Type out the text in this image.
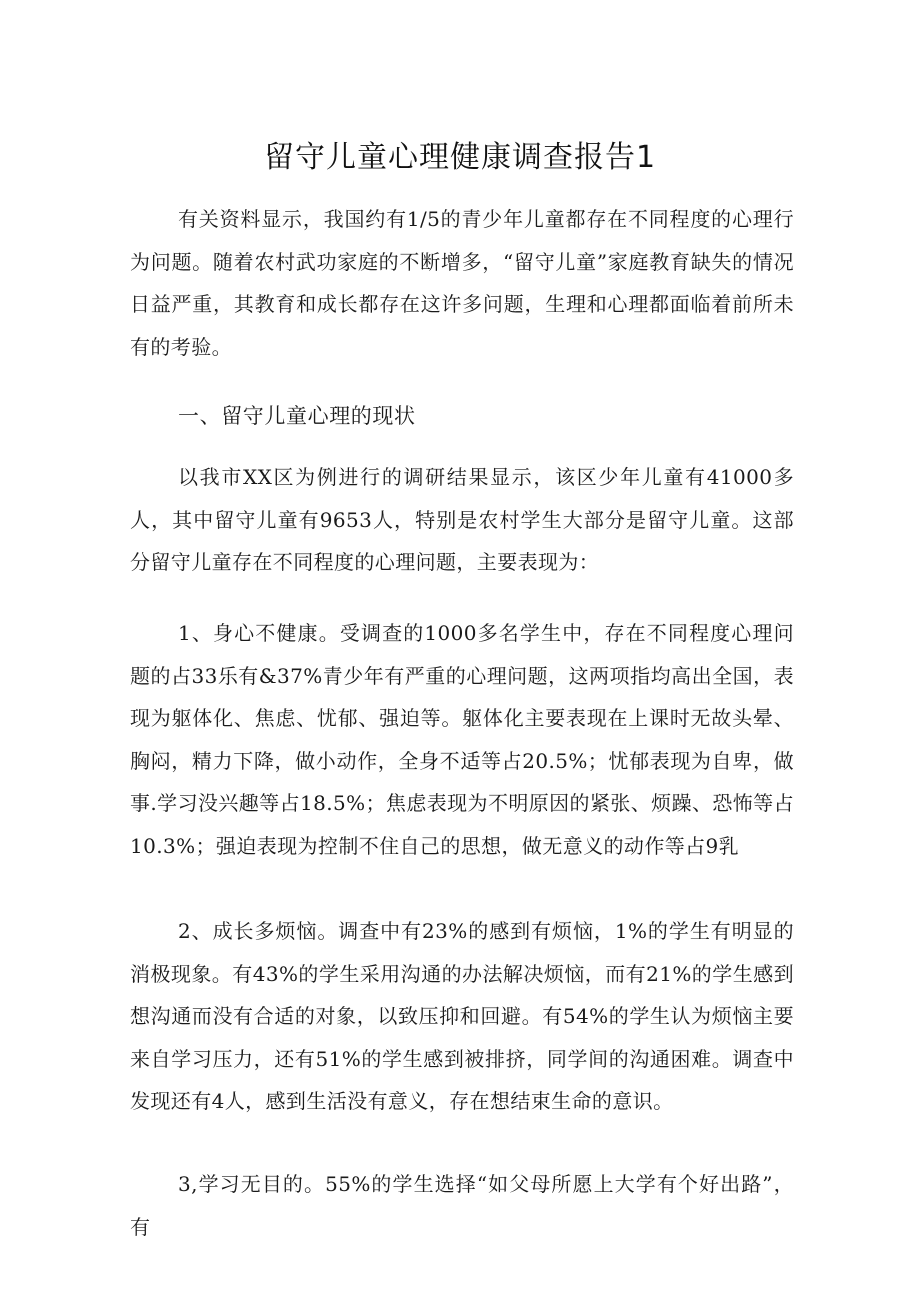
留守儿童心理健康调查报告1

有关资料显示，我国约有1/5的青少年儿童都存在不同程度的心理行为问题。随着农村武功家庭的不断增多，“留守儿童”家庭教育缺失的情况日益严重，其教育和成长都存在这许多问题，生理和心理都面临着前所未有的考验。

一、留守儿童心理的现状

以我市XX区为例进行的调研结果显示，该区少年儿童有41000多人，其中留守儿童有9653人，特别是农村学生大部分是留守儿童。这部分留守儿童存在不同程度的心理问题，主要表现为：

1、身心不健康。受调查的1000多名学生中，存在不同程度心理问题的占33乐有&37%青少年有严重的心理问题，这两项指均高出全国，表现为躯体化、焦虑、忧郁、强迫等。躯体化主要表现在上课时无故头晕、胸闷，精力下降，做小动作，全身不适等占20.5%；忧郁表现为自卑，做事.学习没兴趣等占18.5%；焦虑表现为不明原因的紧张、烦躁、恐怖等占10.3%；强迫表现为控制不住自己的思想，做无意义的动作等占9乳

2、成长多烦恼。调查中有23%的感到有烦恼，1%的学生有明显的消极现象。有43%的学生采用沟通的办法解决烦恼，而有21%的学生感到想沟通而没有合适的对象，以致压抑和回避。有54%的学生认为烦恼主要来自学习压力，还有51%的学生感到被排挤，同学间的沟通困难。调查中发现还有4人，感到生活没有意义，存在想结束生命的意识。

3,学习无目的。55%的学生选择“如父母所愿上大学有个好出路”，有
